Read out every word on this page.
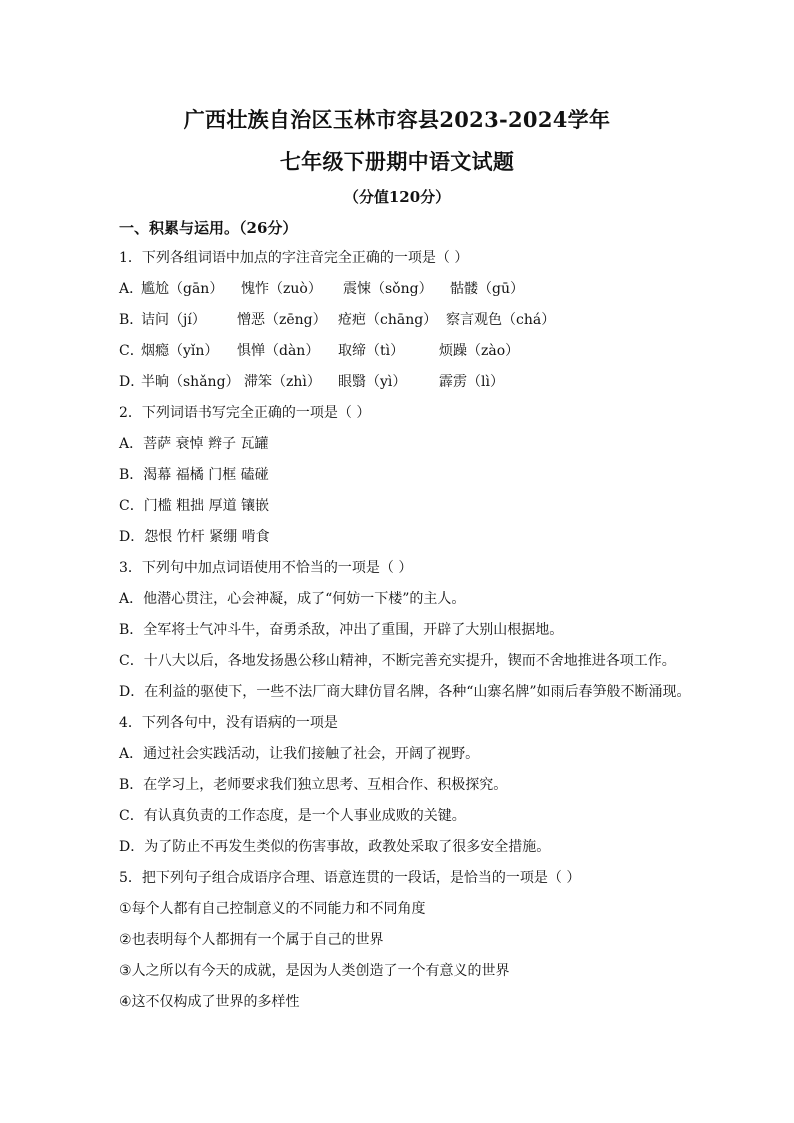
广西壮族自治区玉林市容县2023-2024学年
七年级下册期中语文试题
（分值120分）
一、积累与运用。（26分）
1．下列各组词语中加点的字注音完全正确的一项是（ ）
A．
尴尬（gān）	愧怍（zuò）	震悚（sǒng）	骷髅（gū）
B．
诘问（jí）	憎恶（zēng） 疮疤（chāng） 察言观色（chá）
C．
烟瘾（yǐn）	惧惮（dàn）	取缔（tì）	烦躁（zào）
D．
半晌（shǎng） 滞笨（zhì）	眼翳（yì）	霹雳（lì）
2．下列词语书写完全正确的一项是（ ）
A．菩萨 衰悼 辫子 瓦罐
B．渴幕 福橘 门框 磕碰
C．门槛 粗拙 厚道 镶嵌
D．怨恨 竹杆 紧绷 啃食
3．下列句中加点词语使用不恰当的一项是（ ）
A．他潜心贯注，心会神凝，成了“何妨一下楼”的主人。
B．全军将士气冲斗牛，奋勇杀敌，冲出了重围，开辟了大别山根据地。
C．十八大以后，各地发扬愚公移山精神，不断完善充实提升，锲而不舍地推进各项工作。
D．在利益的驱使下，一些不法厂商大肆仿冒名牌，各种“山寨名牌”如雨后春笋般不断涌现。
4．下列各句中，没有语病的一项是
A．通过社会实践活动，让我们接触了社会，开阔了视野。
B．在学习上，老师要求我们独立思考、互相合作、积极探究。
C．有认真负责的工作态度，是一个人事业成败的关键。
D．为了防止不再发生类似的伤害事故，政教处采取了很多安全措施。
5．把下列句子组合成语序合理、语意连贯的一段话，是恰当的一项是（ ）
①每个人都有自己控制意义的不同能力和不同角度
②也表明每个人都拥有一个属于自己的世界
③人之所以有今天的成就，是因为人类创造了一个有意义的世界
④这不仅构成了世界的多样性
